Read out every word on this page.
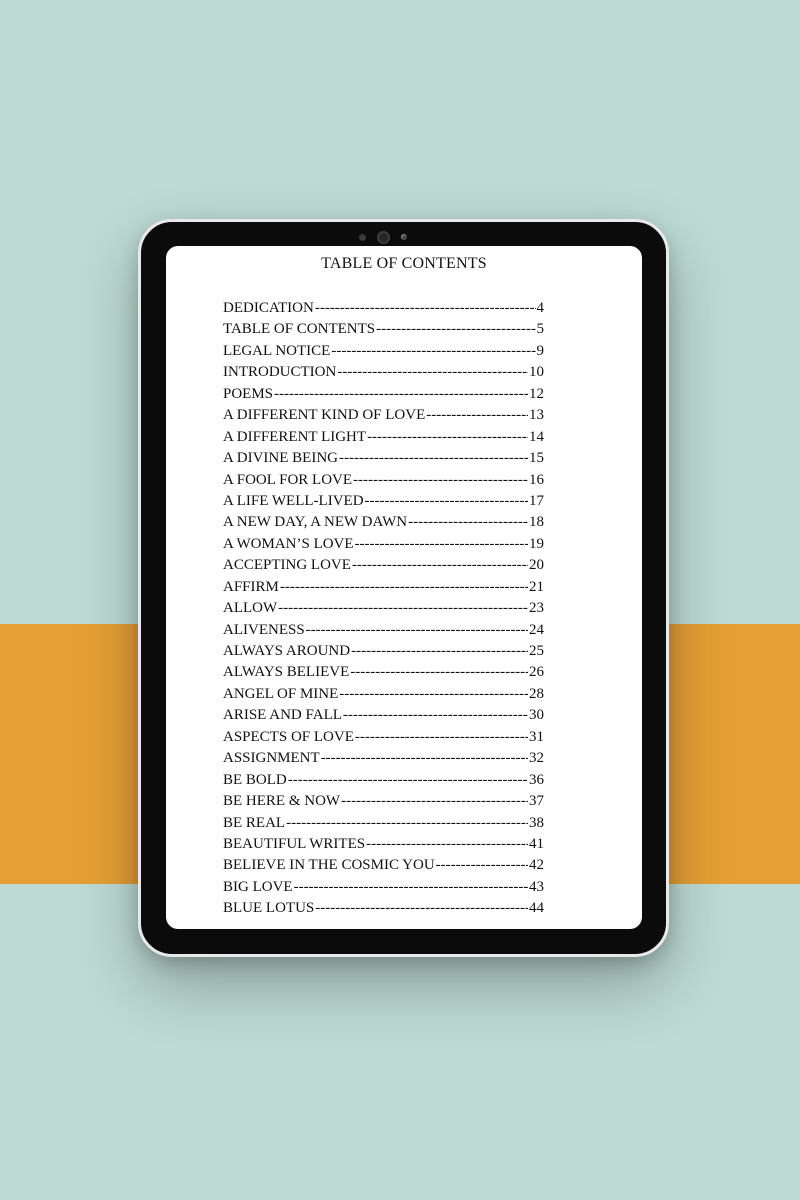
TABLE OF CONTENTS
DEDICATION -----	4
TABLE OF CONTENTS -----	5
LEGAL NOTICE -----	9
INTRODUCTION -----	10
POEMS -----	12
A DIFFERENT KIND OF LOVE -----	13
A DIFFERENT LIGHT -----	14
A DIVINE BEING -----	15
A FOOL FOR LOVE -----	16
A LIFE WELL-LIVED -----	17
A NEW DAY, A NEW DAWN -----	18
A WOMAN’S LOVE -----	19
ACCEPTING LOVE -----	20
AFFIRM -----	21
ALLOW -----	23
ALIVENESS -----	24
ALWAYS AROUND -----	25
ALWAYS BELIEVE -----	26
ANGEL OF MINE -----	28
ARISE AND FALL -----	30
ASPECTS OF LOVE -----	31
ASSIGNMENT -----	32
BE BOLD -----	36
BE HERE & NOW -----	37
BE REAL -----	38
BEAUTIFUL WRITES -----	41
BELIEVE IN THE COSMIC YOU -----	42
BIG LOVE -----	43
BLUE LOTUS -----	44
